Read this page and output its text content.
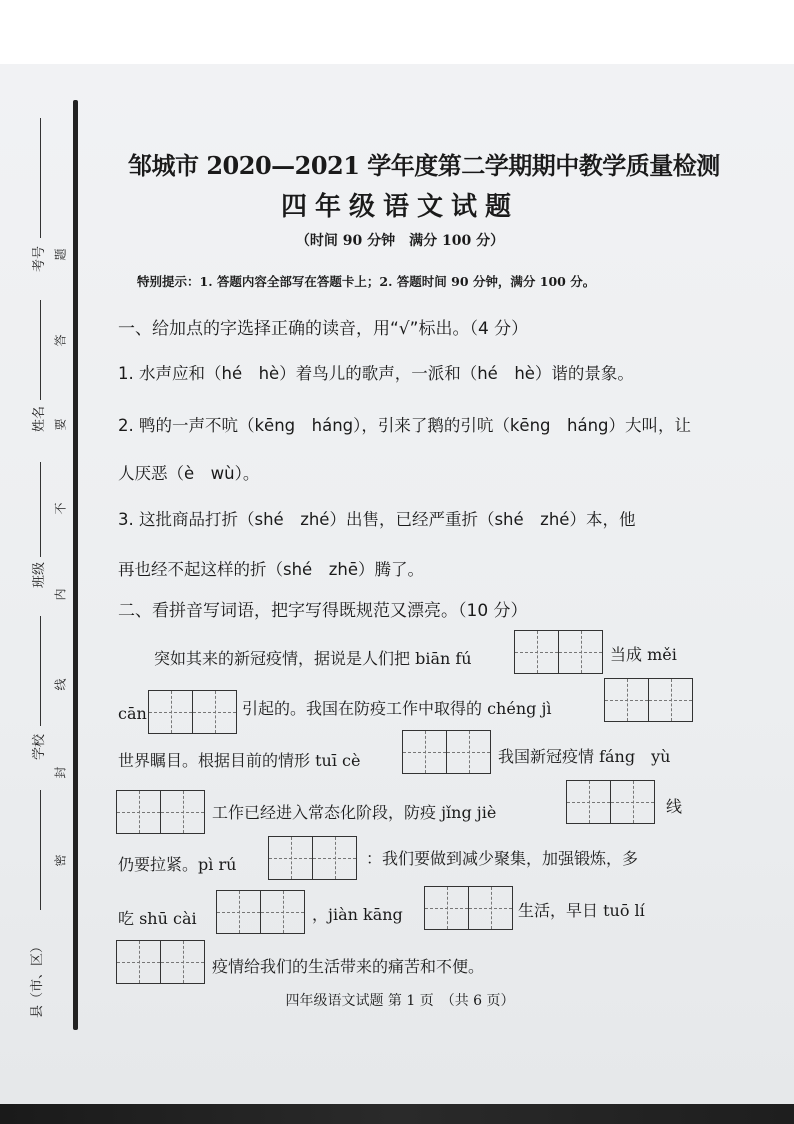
考号
姓名
班级
学校
县（市、区）
题
答
要
不
内
线
封
密
邹城市 2020—2021 学年度第二学期期中教学质量检测
四年级语文试题
（时间 90 分钟　满分 100 分）
特别提示：1. 答题内容全部写在答题卡上；2. 答题时间 90 分钟，满分 100 分。
一、给加点的字选择正确的读音，用“√”标出。（4 分）
1. 水声应和（hé　hè）着鸟儿的歌声，一派和（hé　hè）谐的景象。
2. 鸭的一声不吭（kēng　háng），引来了鹅的引吭（kēng　háng）大叫，让
人厌恶（è　wù）。
3. 这批商品打折（shé　zhé）出售，已经严重折（shé　zhé）本，他
再也经不起这样的折（shé　zhē）腾了。
二、看拼音写词语，把字写得既规范又漂亮。（10 分）
突如其来的新冠疫情，据说是人们把 biān fú	当成 měi
cān	引起的。我国在防疫工作中取得的 chéng jì
世界瞩目。根据目前的情形 tuī cè	我国新冠疫情 fáng　yù
工作已经进入常态化阶段，防疫 jǐng jiè	线
仍要拉紧。pì rú	：我们要做到减少聚集，加强锻炼，多
吃 shū cài	，jiàn kāng	生活，早日 tuō lí
疫情给我们的生活带来的痛苦和不便。
四年级语文试题 第 1 页　（共 6 页）
